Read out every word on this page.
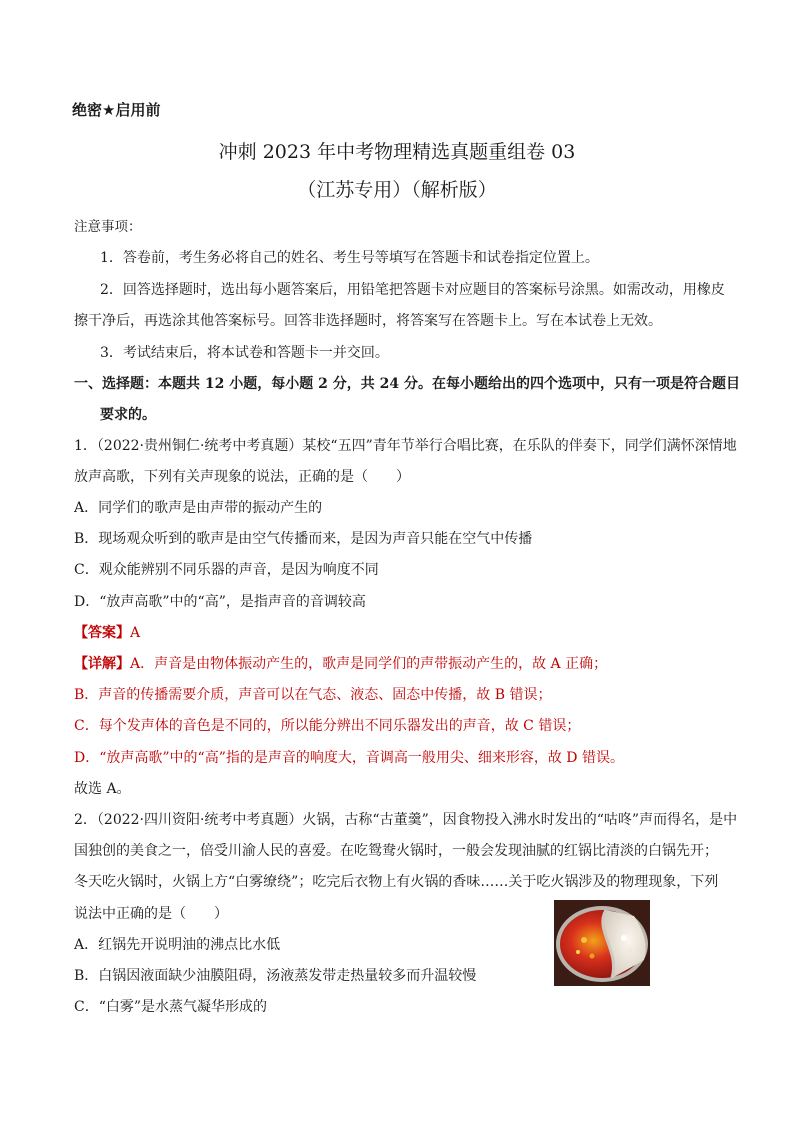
绝密★启用前
冲刺 2023 年中考物理精选真题重组卷 03
（江苏专用）（解析版）
注意事项：
1．答卷前，考生务必将自己的姓名、考生号等填写在答题卡和试卷指定位置上。
2．回答选择题时，选出每小题答案后，用铅笔把答题卡对应题目的答案标号涂黑。如需改动，用橡皮
擦干净后，再选涂其他答案标号。回答非选择题时，将答案写在答题卡上。写在本试卷上无效。
3．考试结束后，将本试卷和答题卡一并交回。
一、选择题：本题共 12 小题，每小题 2 分，共 24 分。在每小题给出的四个选项中，只有一项是符合题目
要求的。
1．（2022·贵州铜仁·统考中考真题）某校“五四”青年节举行合唱比赛，在乐队的伴奏下，同学们满怀深情地
放声高歌，下列有关声现象的说法，正确的是（　　）
A．同学们的歌声是由声带的振动产生的
B．现场观众听到的歌声是由空气传播而来，是因为声音只能在空气中传播
C．观众能辨别不同乐器的声音，是因为响度不同
D．“放声高歌”中的“高”，是指声音的音调较高
【答案】A
【详解】A．声音是由物体振动产生的，歌声是同学们的声带振动产生的，故 A 正确；
B．声音的传播需要介质，声音可以在气态、液态、固态中传播，故 B 错误；
C．每个发声体的音色是不同的，所以能分辨出不同乐器发出的声音，故 C 错误；
D．“放声高歌”中的“高”指的是声音的响度大，音调高一般用尖、细来形容，故 D 错误。
故选 A。
2．（2022·四川资阳·统考中考真题）火锅，古称“古董羹”，因食物投入沸水时发出的“咕咚”声而得名，是中
国独创的美食之一，倍受川渝人民的喜爱。在吃鸳鸯火锅时，一般会发现油腻的红锅比清淡的白锅先开；
冬天吃火锅时，火锅上方“白雾缭绕”；吃完后衣物上有火锅的香味……关于吃火锅涉及的物理现象，下列
说法中正确的是（　　）
A．红锅先开说明油的沸点比水低
B．白锅因液面缺少油膜阻碍，汤液蒸发带走热量较多而升温较慢
C．“白雾”是水蒸气凝华形成的
